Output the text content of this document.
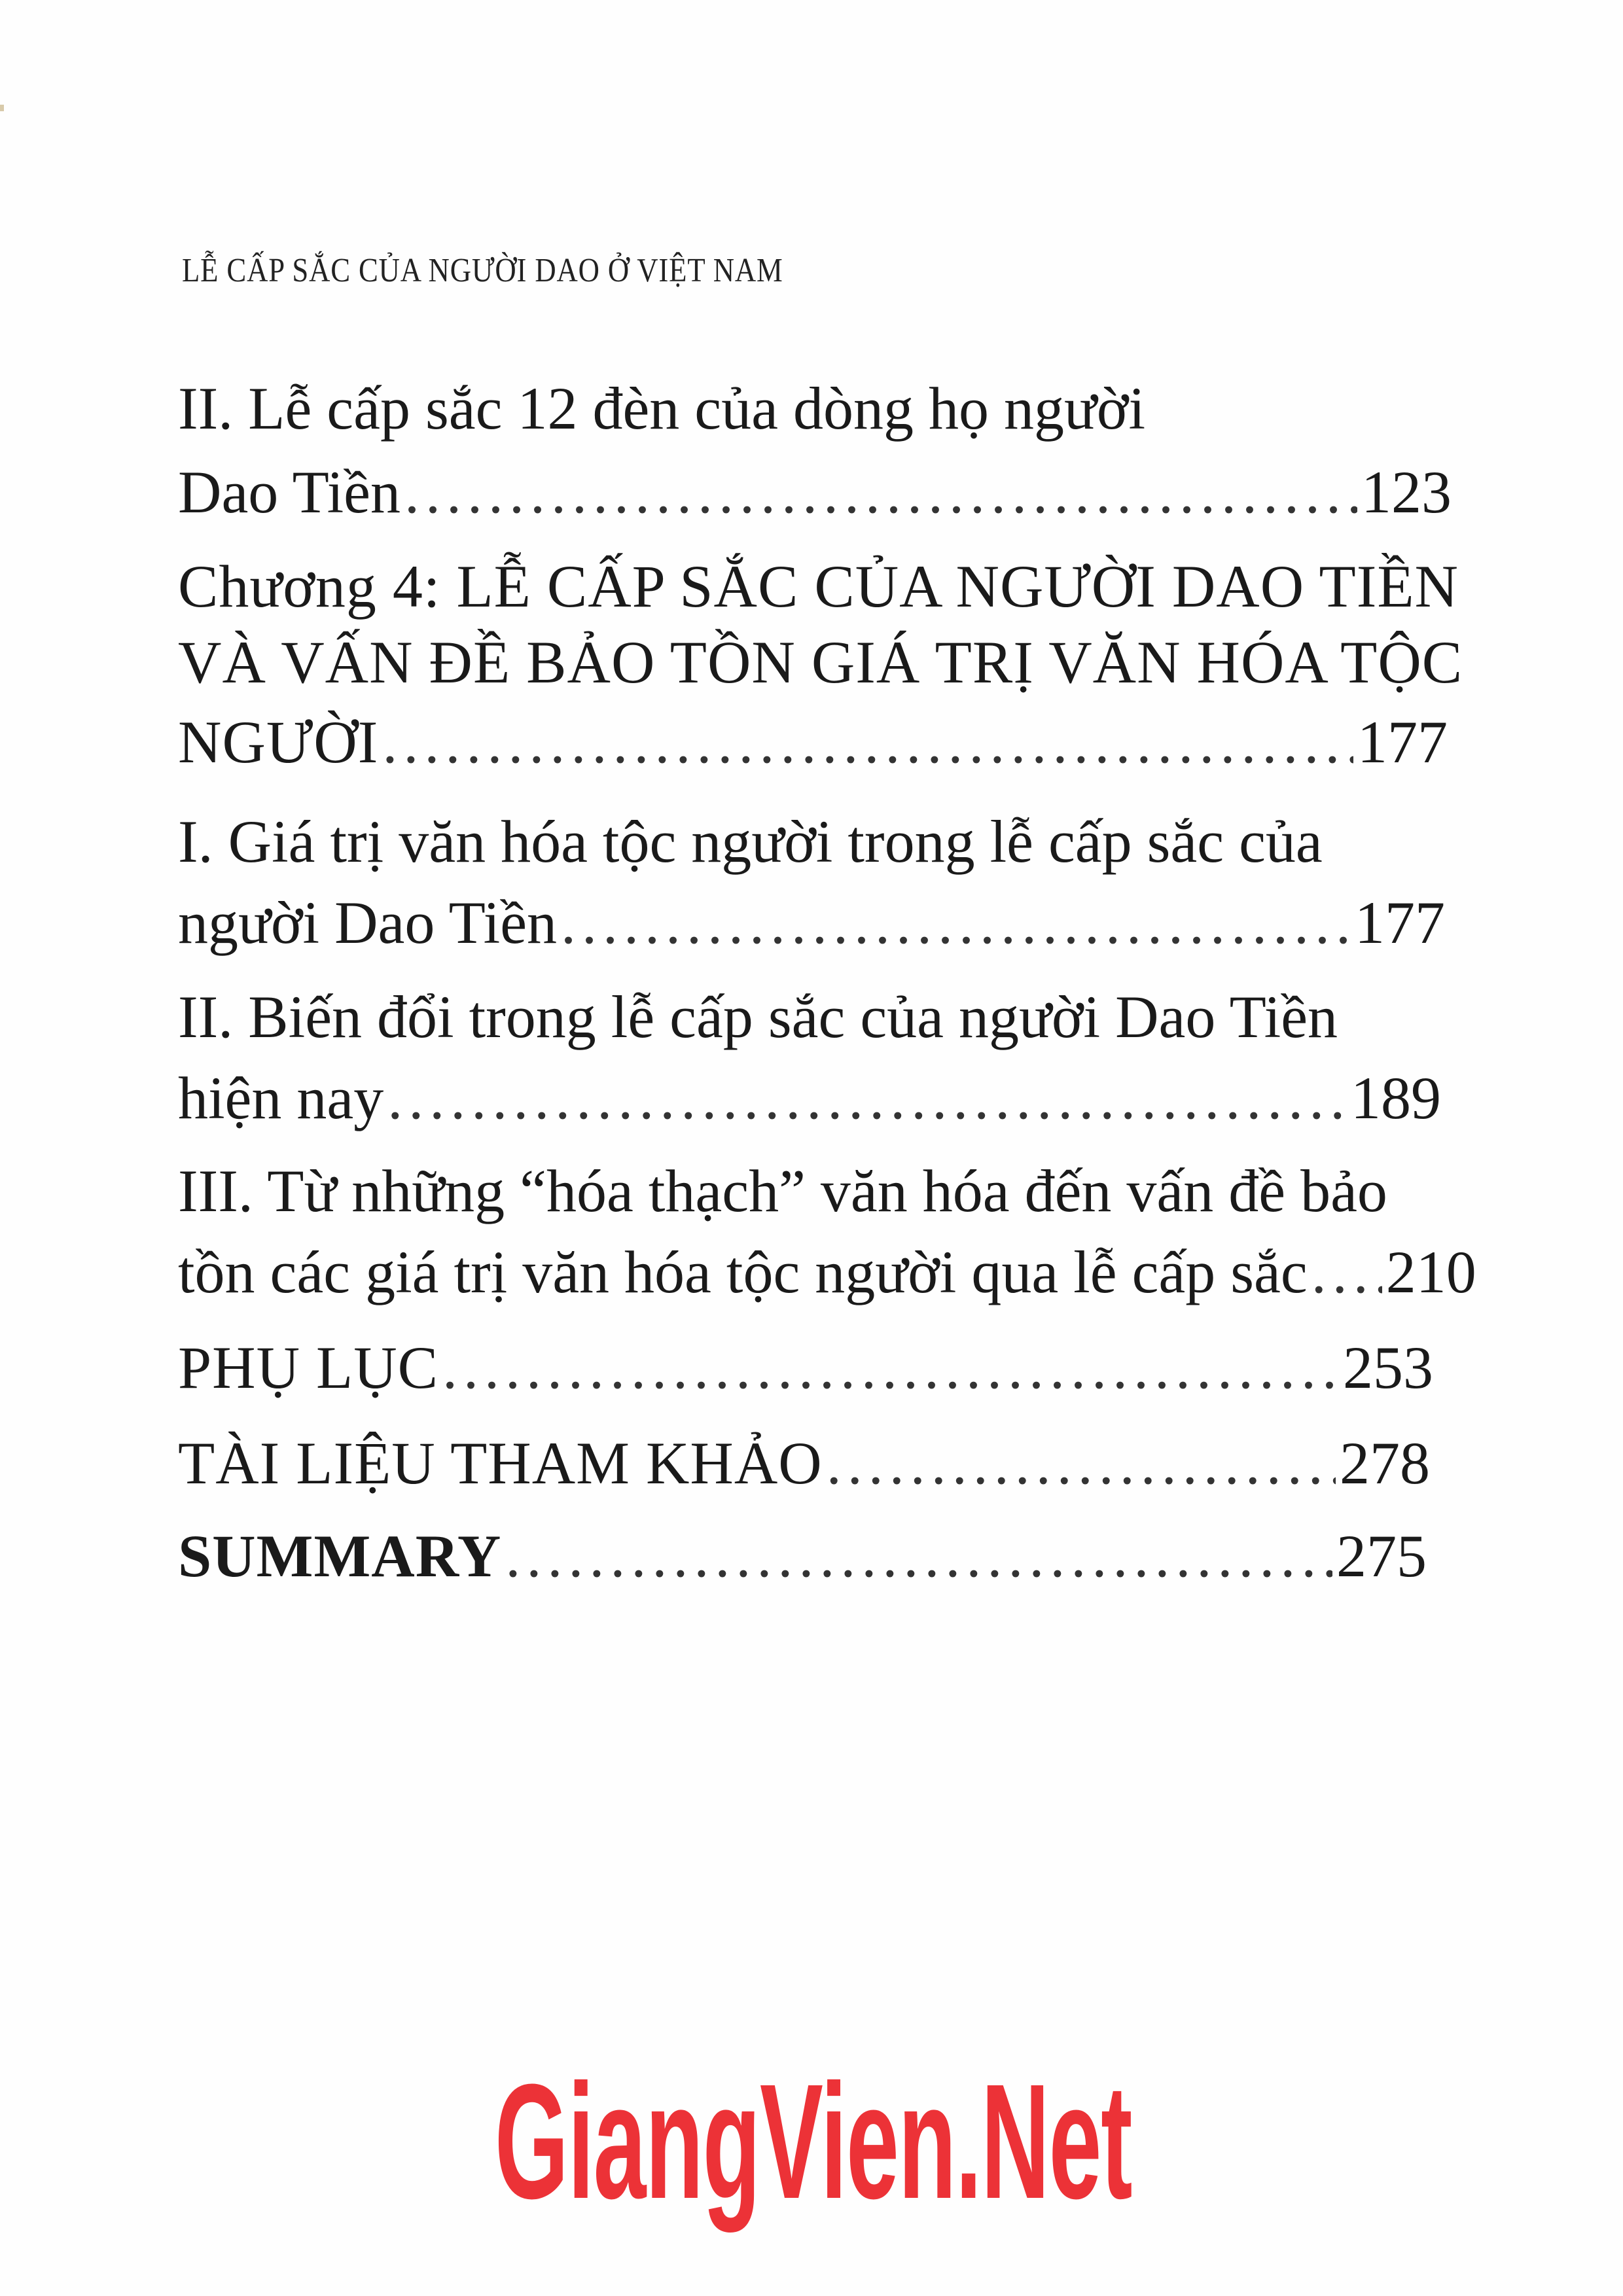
LỄ CẤP SẮC CỦA NGƯỜI DAO Ở VIỆT NAM
II. Lễ cấp sắc 12 đèn của dòng họ người
Dao Tiền .....	123
Chương 4: LỄ CẤP SẮC CỦA NGƯỜI DAO TIỀN
VÀ VẤN ĐỀ BẢO TỒN GIÁ TRỊ VĂN HÓA TỘC
NGƯỜI .....	177
I. Giá trị văn hóa tộc người trong lễ cấp sắc của
người Dao Tiền .....	177
II. Biến đổi trong lễ cấp sắc của người Dao Tiền
hiện nay .....	189
III. Từ những “hóa thạch” văn hóa đến vấn đề bảo
tồn các giá trị văn hóa tộc người qua lễ cấp sắc ..... 210
PHỤ LỤC .....	253
TÀI LIỆU THAM KHẢO .....	278
SUMMARY .....	275
GiangVien.Net
